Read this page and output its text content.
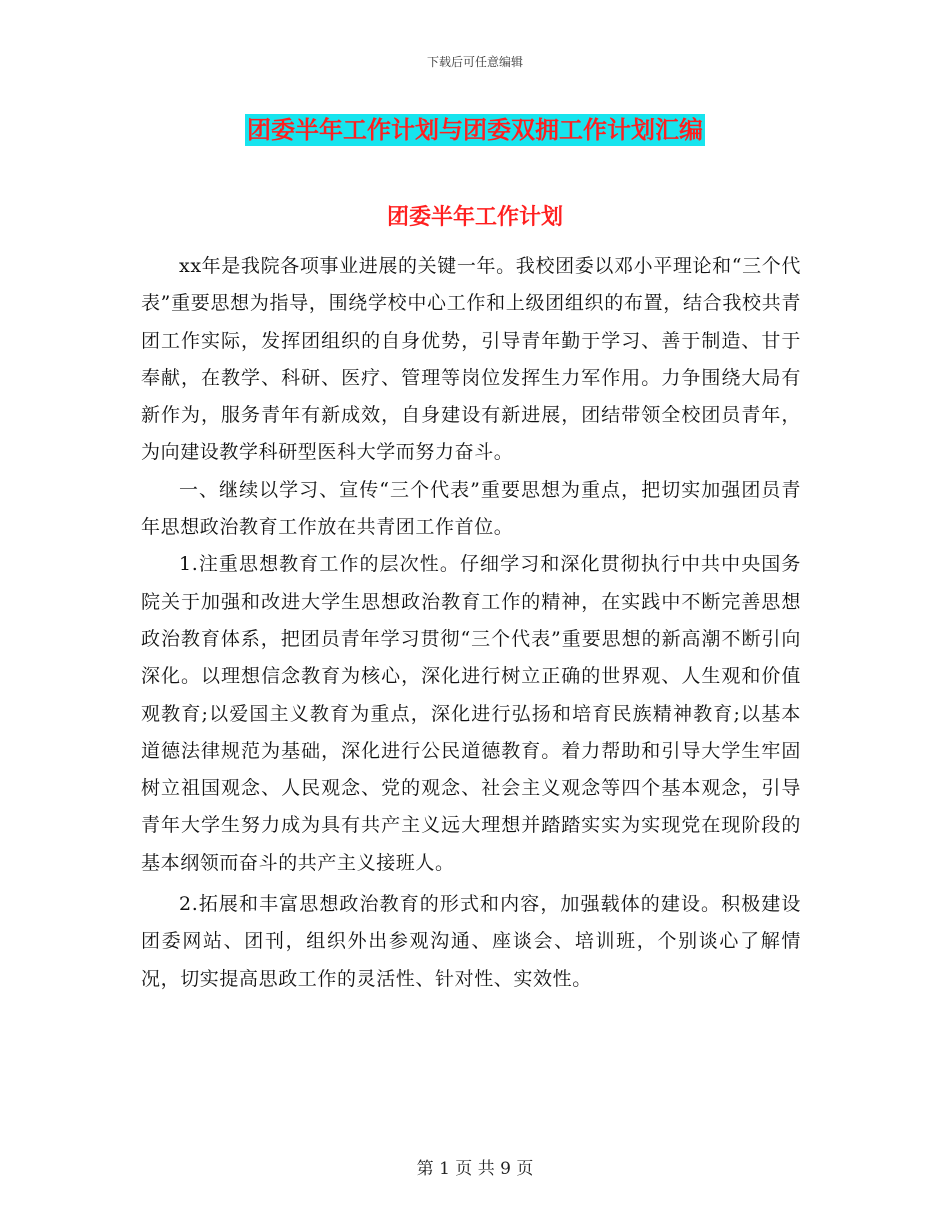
下载后可任意编辑
团委半年工作计划与团委双拥工作计划汇编
团委半年工作计划

xx年是我院各项事业进展的关键一年。我校团委以邓小平理论和“三个代表”重要思想为指导，围绕学校中心工作和上级团组织的布置，结合我校共青团工作实际，发挥团组织的自身优势，引导青年勤于学习、善于制造、甘于奉献，在教学、科研、医疗、管理等岗位发挥生力军作用。力争围绕大局有新作为，服务青年有新成效，自身建设有新进展，团结带领全校团员青年，为向建设教学科研型医科大学而努力奋斗。

一、继续以学习、宣传“三个代表”重要思想为重点，把切实加强团员青年思想政治教育工作放在共青团工作首位。

1.注重思想教育工作的层次性。仔细学习和深化贯彻执行中共中央国务院关于加强和改进大学生思想政治教育工作的精神，在实践中不断完善思想政治教育体系，把团员青年学习贯彻“三个代表”重要思想的新高潮不断引向深化。以理想信念教育为核心，深化进行树立正确的世界观、人生观和价值观教育;以爱国主义教育为重点，深化进行弘扬和培育民族精神教育;以基本道德法律规范为基础，深化进行公民道德教育。着力帮助和引导大学生牢固树立祖国观念、人民观念、党的观念、社会主义观念等四个基本观念，引导青年大学生努力成为具有共产主义远大理想并踏踏实实为实现党在现阶段的基本纲领而奋斗的共产主义接班人。

2.拓展和丰富思想政治教育的形式和内容，加强载体的建设。积极建设团委网站、团刊，组织外出参观沟通、座谈会、培训班，个别谈心了解情况，切实提高思政工作的灵活性、针对性、实效性。

第 1 页 共 9 页
